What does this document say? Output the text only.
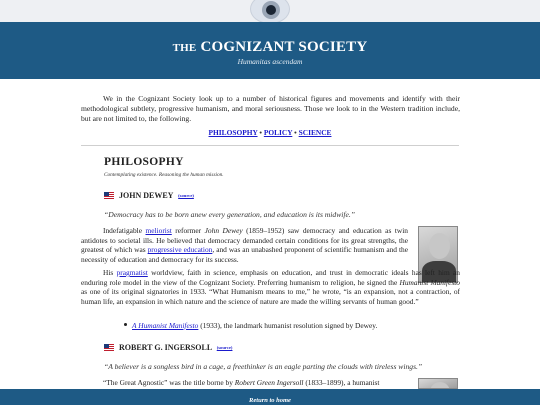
THE COGNIZANT SOCIETY
Humanitas ascendam

We in the Cognizant Society look up to a number of historical figures and movements and identify with their methodological subtlety, progressive humanism, and moral seriousness. Those we look to in the Western tradition include, but are not limited to, the following.

PHILOSOPHY • POLICY • SCIENCE
PHILOSOPHY
Contemplating existence. Reasoning the human mission.
JOHN DEWEY (source)
“Democracy has to be born anew every generation, and education is its midwife.”

Indefatigable meliorist reformer John Dewey (1859–1952) saw democracy and education as twin antidotes to societal ills. He believed that democracy demanded certain conditions for its great strengths, the greatest of which was progressive education, and was an unabashed proponent of scientific humanism and the necessity of education and democracy for its success.

His pragmatist worldview, faith in science, emphasis on education, and trust in democratic ideals has left him an enduring role model in the view of the Cognizant Society. Preferring humanism to religion, he signed the Humanist Manifesto as one of its original signatories in 1933. “What Humanism means to me,” he wrote, “is an expansion, not a contraction, of human life, an expansion in which nature and the science of nature are made the willing servants of human good.”

A Humanist Manifesto (1933), the landmark humanist resolution signed by Dewey.
ROBERT G. INGERSOLL (source)
“A believer is a songless bird in a cage, a freethinker is an eagle parting the clouds with tireless wings.”

“The Great Agnostic” was the title borne by Robert Green Ingersoll (1833–1899), a humanist

Return to home
